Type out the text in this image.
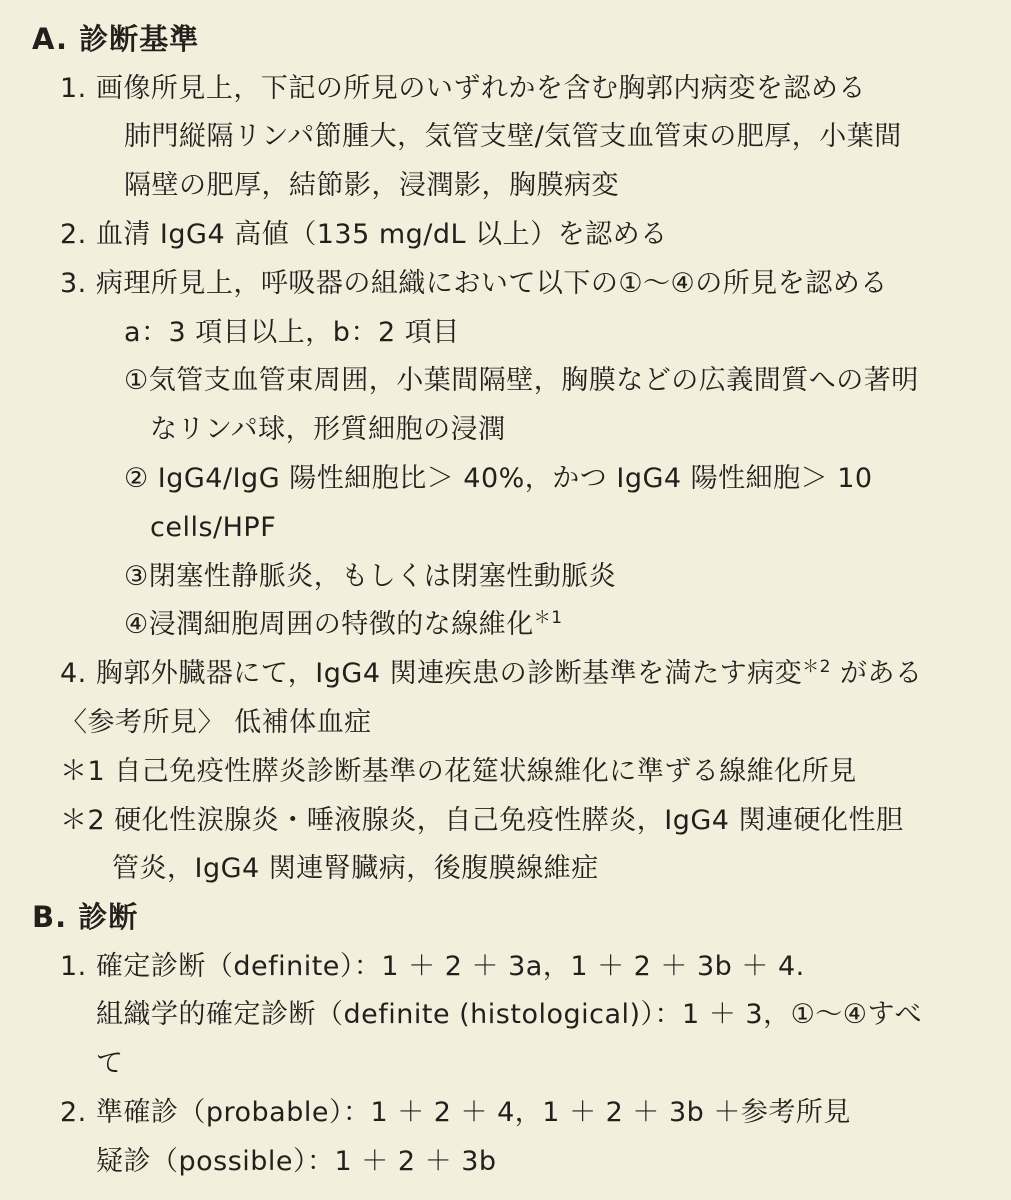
A. 診断基準
1. 画像所見上，下記の所見のいずれかを含む胸郭内病変を認める
肺門縦隔リンパ節腫大，気管支壁/気管支血管束の肥厚，小葉間
隔壁の肥厚，結節影，浸潤影，胸膜病変
2. 血清 IgG4 高値（135 mg/dL 以上）を認める
3. 病理所見上，呼吸器の組織において以下の①〜④の所見を認める
a：3 項目以上，b：2 項目
①気管支血管束周囲，小葉間隔壁，胸膜などの広義間質への著明
なリンパ球，形質細胞の浸潤
② IgG4/IgG 陽性細胞比＞ 40%，かつ IgG4 陽性細胞＞ 10
cells/HPF
③閉塞性静脈炎，もしくは閉塞性動脈炎
④浸潤細胞周囲の特徴的な線維化$^{*1}$
4. 胸郭外臓器にて，IgG4 関連疾患の診断基準を満たす病変$^{*2}$ がある
〈参考所見〉 低補体血症
＊1 自己免疫性膵炎診断基準の花筵状線維化に準ずる線維化所見
＊2 硬化性涙腺炎・唾液腺炎，自己免疫性膵炎，IgG4 関連硬化性胆
管炎，IgG4 関連腎臓病，後腹膜線維症
B. 診断
1. 確定診断（definite）：1 ＋ 2 ＋ 3a，1 ＋ 2 ＋ 3b ＋ 4.
組織学的確定診断（definite (histological)）：1 ＋ 3，①〜④すべ
て
2. 準確診（probable）：1 ＋ 2 ＋ 4，1 ＋ 2 ＋ 3b ＋参考所見
疑診（possible）：1 ＋ 2 ＋ 3b
